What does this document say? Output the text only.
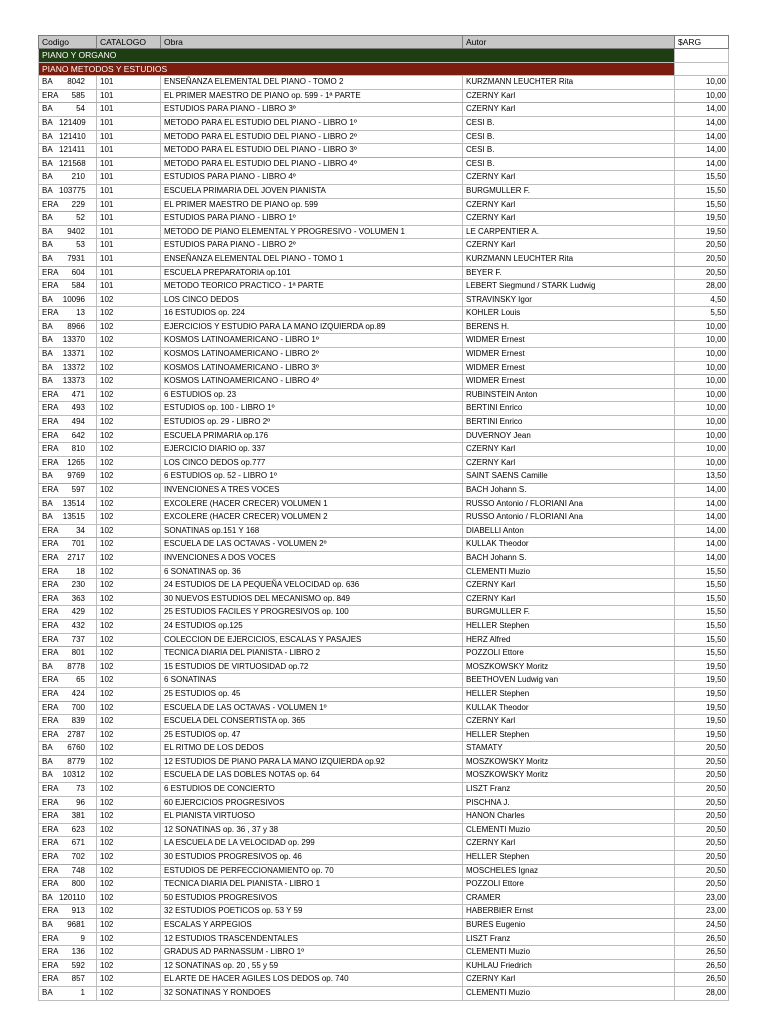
Codigo	CATALOGO	Obra	Autor	$ARG
PIANO Y ORGANO				
PIANO METODOS Y ESTUDIOS				
BA 8042	101	ENSEÑANZA ELEMENTAL DEL PIANO - TOMO 2	KURZMANN LEUCHTER Rita	10,00
ERA 585	101	EL PRIMER MAESTRO DE PIANO op. 599 - 1ª PARTE	CZERNY Karl	10,00
BA 54	101	ESTUDIOS PARA PIANO - LIBRO 3º	CZERNY Karl	14,00
BA 121409	101	METODO PARA EL ESTUDIO DEL PIANO - LIBRO 1º	CESI B.	14,00
BA 121410	101	METODO PARA EL ESTUDIO DEL PIANO - LIBRO 2º	CESI B.	14,00
BA 121411	101	METODO PARA EL ESTUDIO DEL PIANO - LIBRO 3º	CESI B.	14,00
BA 121568	101	METODO PARA EL ESTUDIO DEL PIANO - LIBRO 4º	CESI B.	14,00
BA 210	101	ESTUDIOS PARA PIANO - LIBRO 4º	CZERNY Karl	15,50
BA 103775	101	ESCUELA PRIMARIA DEL JOVEN PIANISTA	BURGMULLER F.	15,50
ERA 229	101	EL PRIMER MAESTRO DE PIANO op. 599	CZERNY Karl	15,50
BA 52	101	ESTUDIOS PARA PIANO - LIBRO 1º	CZERNY Karl	19,50
BA 9402	101	METODO DE PIANO ELEMENTAL Y PROGRESIVO - VOLUMEN 1	LE CARPENTIER A.	19,50
BA 53	101	ESTUDIOS PARA PIANO - LIBRO 2º	CZERNY Karl	20,50
BA 7931	101	ENSEÑANZA ELEMENTAL DEL PIANO - TOMO 1	KURZMANN LEUCHTER Rita	20,50
ERA 604	101	ESCUELA PREPARATORIA op.101	BEYER F.	20,50
ERA 584	101	METODO TEORICO PRACTICO - 1ª PARTE	LEBERT Siegmund / STARK Ludwig	28,00
BA 10096	102	LOS CINCO DEDOS	STRAVINSKY Igor	4,50
ERA 13	102	16 ESTUDIOS op. 224	KOHLER Louis	5,50
BA 8966	102	EJERCICIOS Y ESTUDIO PARA LA MANO IZQUIERDA op.89	BERENS H.	10,00
BA 13370	102	KOSMOS LATINOAMERICANO - LIBRO 1º	WIDMER Ernest	10,00
BA 13371	102	KOSMOS LATINOAMERICANO - LIBRO 2º	WIDMER Ernest	10,00
BA 13372	102	KOSMOS LATINOAMERICANO - LIBRO 3º	WIDMER Ernest	10,00
BA 13373	102	KOSMOS LATINOAMERICANO - LIBRO 4º	WIDMER Ernest	10,00
ERA 471	102	6 ESTUDIOS op. 23	RUBINSTEIN Anton	10,00
ERA 493	102	ESTUDIOS op. 100 - LIBRO 1º	BERTINI Enrico	10,00
ERA 494	102	ESTUDIOS op. 29 - LIBRO 2º	BERTINI Enrico	10,00
ERA 642	102	ESCUELA PRIMARIA op.176	DUVERNOY Jean	10,00
ERA 810	102	EJERCICIO DIARIO op. 337	CZERNY Karl	10,00
ERA 1265	102	LOS CINCO DEDOS op.777	CZERNY Karl	10,00
BA 9769	102	6 ESTUDIOS op. 52 - LIBRO 1º	SAINT SAENS Camille	13,50
ERA 597	102	INVENCIONES A TRES VOCES	BACH Johann S.	14,00
BA 13514	102	EXCOLERE (HACER CRECER) VOLUMEN 1	RUSSO Antonio / FLORIANI Ana	14,00
BA 13515	102	EXCOLERE (HACER CRECER) VOLUMEN 2	RUSSO Antonio / FLORIANI Ana	14,00
ERA 34	102	SONATINAS op.151 Y 168	DIABELLI Anton	14,00
ERA 701	102	ESCUELA DE LAS OCTAVAS - VOLUMEN 2º	KULLAK Theodor	14,00
ERA 2717	102	INVENCIONES A DOS VOCES	BACH Johann S.	14,00
ERA 18	102	6 SONATINAS op. 36	CLEMENTI Muzio	15,50
ERA 230	102	24 ESTUDIOS DE LA PEQUEÑA VELOCIDAD op. 636	CZERNY Karl	15,50
ERA 363	102	30 NUEVOS ESTUDIOS DEL MECANISMO op. 849	CZERNY Karl	15,50
ERA 429	102	25 ESTUDIOS FACILES Y PROGRESIVOS op. 100	BURGMULLER F.	15,50
ERA 432	102	24 ESTUDIOS op.125	HELLER Stephen	15,50
ERA 737	102	COLECCION DE EJERCICIOS, ESCALAS Y PASAJES	HERZ Alfred	15,50
ERA 801	102	TECNICA DIARIA DEL PIANISTA - LIBRO 2	POZZOLI Ettore	15,50
BA 8778	102	15 ESTUDIOS DE VIRTUOSIDAD op.72	MOSZKOWSKY Moritz	19,50
ERA 65	102	6 SONATINAS	BEETHOVEN Ludwig van	19,50
ERA 424	102	25 ESTUDIOS op. 45	HELLER Stephen	19,50
ERA 700	102	ESCUELA DE LAS OCTAVAS - VOLUMEN 1º	KULLAK Theodor	19,50
ERA 839	102	ESCUELA DEL CONSERTISTA op. 365	CZERNY Karl	19,50
ERA 2787	102	25 ESTUDIOS op. 47	HELLER Stephen	19,50
BA 6760	102	EL RITMO DE LOS DEDOS	STAMATY	20,50
BA 8779	102	12 ESTUDIOS DE PIANO PARA LA MANO IZQUIERDA op.92	MOSZKOWSKY Moritz	20,50
BA 10312	102	ESCUELA DE LAS DOBLES NOTAS op. 64	MOSZKOWSKY Moritz	20,50
ERA 73	102	6 ESTUDIOS DE CONCIERTO	LISZT Franz	20,50
ERA 96	102	60 EJERCICIOS PROGRESIVOS	PISCHNA J.	20,50
ERA 381	102	EL PIANISTA VIRTUOSO	HANON Charles	20,50
ERA 623	102	12 SONATINAS op. 36 , 37 y 38	CLEMENTI Muzio	20,50
ERA 671	102	LA ESCUELA DE LA VELOCIDAD op. 299	CZERNY Karl	20,50
ERA 702	102	30 ESTUDIOS PROGRESIVOS op. 46	HELLER Stephen	20,50
ERA 748	102	ESTUDIOS DE PERFECCIONAMIENTO op. 70	MOSCHELES Ignaz	20,50
ERA 800	102	TECNICA DIARIA DEL PIANISTA - LIBRO 1	POZZOLI Ettore	20,50
BA 120110	102	50 ESTUDIOS PROGRESIVOS	CRAMER	23,00
ERA 913	102	32 ESTUDIOS POETICOS op. 53 Y 59	HABERBIER Ernst	23,00
BA 9681	102	ESCALAS Y ARPEGIOS	BURES Eugenio	24,50
ERA 9	102	12 ESTUDIOS TRASCENDENTALES	LISZT Franz	26,50
ERA 136	102	GRADUS AD PARNASSUM - LIBRO 1º	CLEMENTI Muzio	26,50
ERA 592	102	12 SONATINAS op. 20 , 55 y 59	KUHLAU Friedrich	26,50
ERA 857	102	EL ARTE DE HACER AGILES LOS DEDOS op. 740	CZERNY Karl	26,50
BA 1	102	32 SONATINAS Y RONDOES	CLEMENTI Muzio	28,00
